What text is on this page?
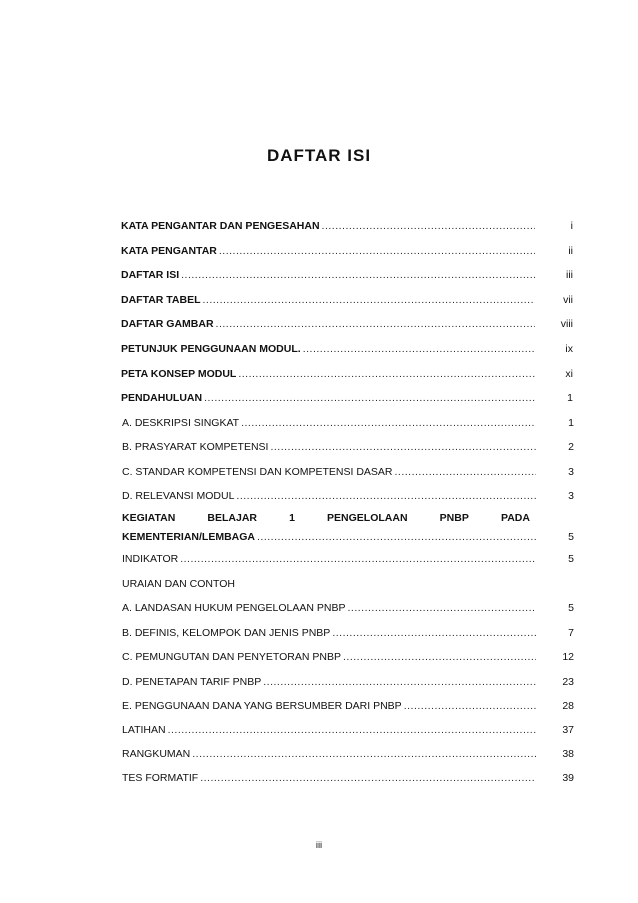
DAFTAR ISI
KATA PENGANTAR DAN PENGESAHAN .....	i
KATA PENGANTAR .....	ii
DAFTAR ISI .....	iii
DAFTAR TABEL .....	vii
DAFTAR GAMBAR .....	viii
PETUNJUK PENGGUNAAN MODUL. .....	ix
PETA KONSEP MODUL .....	xi
PENDAHULUAN .....	1
A. DESKRIPSI SINGKAT .....	1
B. PRASYARAT KOMPETENSI .....	2
C. STANDAR KOMPETENSI DAN KOMPETENSI DASAR .....	3
D. RELEVANSI MODUL .....	3
KEGIATAN	BELAJAR	1	PENGELOLAAN	PNBP	PADA
KEMENTERIAN/LEMBAGA .....	5
INDIKATOR .....	5
URAIAN DAN CONTOH
A. LANDASAN HUKUM PENGELOLAAN PNBP .....	5
B. DEFINIS, KELOMPOK DAN JENIS PNBP .....	7
C. PEMUNGUTAN DAN PENYETORAN PNBP .....	12
D. PENETAPAN TARIF PNBP .....	23
E. PENGGUNAAN DANA YANG BERSUMBER DARI PNBP .....	28
LATIHAN .....	37
RANGKUMAN .....	38
TES FORMATIF .....	39
iii
